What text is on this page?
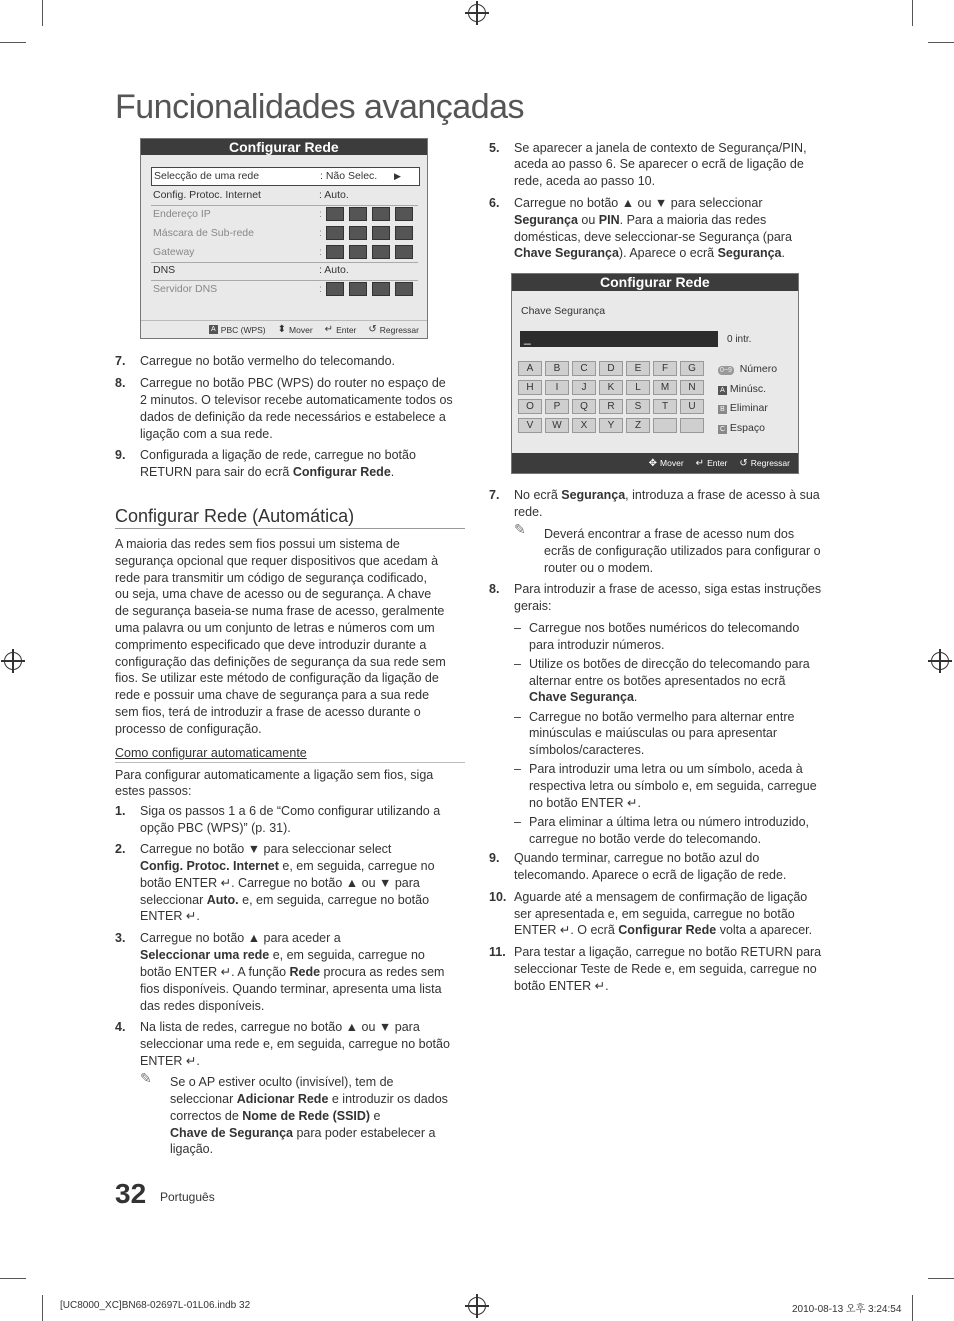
Funcionalidades avançadas
Configurar Rede
Selecção de uma rede	: Não Selec. ▶
Config. Protoc. Internet	: Auto.
Endereço IP	:
Máscara de Sub-rede	:
Gateway	:
DNS	: Auto.
Servidor DNS	:
A PBC (WPS) ⬍ Mover ↵ Enter ↺ Regressar
7. Carregue no botão vermelho do telecomando.

8. Carregue no botão PBC (WPS) do router no espaço de

2 minutos. O televisor recebe automaticamente todos os

dados de definição da rede necessários e estabelece a

ligação com a sua rede.

9. Configurada a ligação de rede, carregue no botão

RETURN para sair do ecrã Configurar Rede.

Configurar Rede (Automática)

A maioria das redes sem fios possui um sistema de

segurança opcional que requer dispositivos que acedam à

rede para transmitir um código de segurança codificado,

ou seja, uma chave de acesso ou de segurança. A chave

de segurança baseia-se numa frase de acesso, geralmente

uma palavra ou um conjunto de letras e números com um

comprimento especificado que deve introduzir durante a

configuração das definições de segurança da sua rede sem

fios. Se utilizar este método de configuração da ligação de

rede e possuir uma chave de segurança para a sua rede

sem fios, terá de introduzir a frase de acesso durante o

processo de configuração.

Como configurar automaticamente

Para configurar automaticamente a ligação sem fios, siga

estes passos:

1. Siga os passos 1 a 6 de “Como configurar utilizando a

opção PBC (WPS)” (p. 31).

2. Carregue no botão ▼ para seleccionar select

Config. Protoc. Internet e, em seguida, carregue no

botão ENTER ↵. Carregue no botão ▲ ou ▼ para

seleccionar Auto. e, em seguida, carregue no botão

ENTER ↵.

3. Carregue no botão ▲ para aceder a

Seleccionar uma rede e, em seguida, carregue no

botão ENTER ↵. A função Rede procura as redes sem

fios disponíveis. Quando terminar, apresenta uma lista

das redes disponíveis.

4. Na lista de redes, carregue no botão ▲ ou ▼ para

seleccionar uma rede e, em seguida, carregue no botão

ENTER ↵.

✎ Se o AP estiver oculto (invisível), tem de

seleccionar Adicionar Rede e introduzir os dados

correctos de Nome de Rede (SSID) e

Chave de Segurança para poder estabelecer a

ligação.

5. Se aparecer a janela de contexto de Segurança/PIN,

aceda ao passo 6. Se aparecer o ecrã de ligação de

rede, aceda ao passo 10.

6. Carregue no botão ▲ ou ▼ para seleccionar

Segurança ou PIN. Para a maioria das redes

domésticas, deve seleccionar-se Segurança (para

Chave Segurança). Aparece o ecrã Segurança.

Configurar Rede
Chave Segurança
_	0 intr.
A	B	C	D	E	F	G
H	I	J	K	L	M	N
O	P	Q	R	S	T	U
V	W	X	Y	Z
0~9 Número
A Minúsc.
B Eliminar
C Espaço
✥ Mover ↵ Enter ↺ Regressar
7. No ecrã Segurança, introduza a frase de acesso à sua

rede.

✎ Deverá encontrar a frase de acesso num dos

ecrãs de configuração utilizados para configurar o

router ou o modem.

8. Para introduzir a frase de acesso, siga estas instruções

gerais:

– Carregue nos botões numéricos do telecomando

para introduzir números.

– Utilize os botões de direcção do telecomando para

alternar entre os botões apresentados no ecrã

Chave Segurança.

– Carregue no botão vermelho para alternar entre

minúsculas e maiúsculas ou para apresentar

símbolos/caracteres.

– Para introduzir uma letra ou um símbolo, aceda à

respectiva letra ou símbolo e, em seguida, carregue

no botão ENTER ↵.

– Para eliminar a última letra ou número introduzido,

carregue no botão verde do telecomando.

9. Quando terminar, carregue no botão azul do

telecomando. Aparece o ecrã de ligação de rede.

10. Aguarde até a mensagem de confirmação de ligação

ser apresentada e, em seguida, carregue no botão

ENTER ↵. O ecrã Configurar Rede volta a aparecer.

11. Para testar a ligação, carregue no botão RETURN para

seleccionar Teste de Rede e, em seguida, carregue no

botão ENTER ↵.

32 Português
[UC8000_XC]BN68-02697L-01L06.indb 32	2010-08-13 오후 3:24:54
